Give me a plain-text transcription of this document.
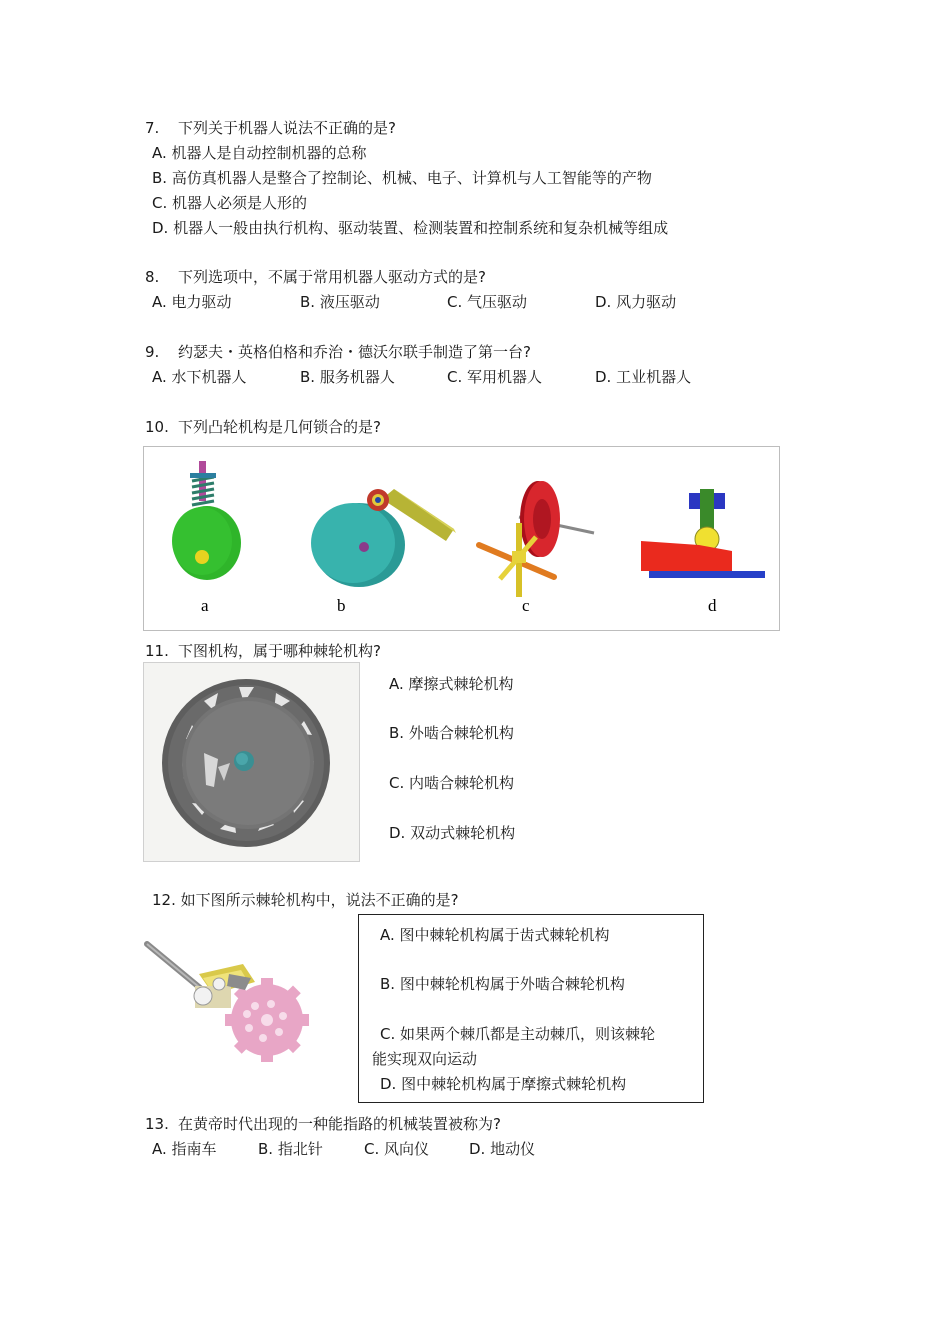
7. 下列关于机器人说法不正确的是?
A. 机器人是自动控制机器的总称
B. 高仿真机器人是整合了控制论、机械、电子、计算机与人工智能等的产物
C. 机器人必须是人形的
D. 机器人一般由执行机构、驱动装置、检测装置和控制系统和复杂机械等组成
8. 下列选项中，不属于常用机器人驱动方式的是?
A. 电力驱动	B. 液压驱动	C. 气压驱动	D. 风力驱动
9. 约瑟夫・英格伯格和乔治・德沃尔联手制造了第一台?
A. 水下机器人	B. 服务机器人	C. 军用机器人	D. 工业机器人
10. 下列凸轮机构是几何锁合的是?
a	b	c	d
11. 下图机构，属于哪种棘轮机构?
A. 摩擦式棘轮机构
B. 外啮合棘轮机构
C. 内啮合棘轮机构
D. 双动式棘轮机构
12. 如下图所示棘轮机构中，说法不正确的是?
A. 图中棘轮机构属于齿式棘轮机构
B. 图中棘轮机构属于外啮合棘轮机构
C. 如果两个棘爪都是主动棘爪，则该棘轮
能实现双向运动
D. 图中棘轮机构属于摩擦式棘轮机构
13. 在黄帝时代出现的一种能指路的机械装置被称为?
A. 指南车	B. 指北针	C. 风向仪	D. 地动仪
